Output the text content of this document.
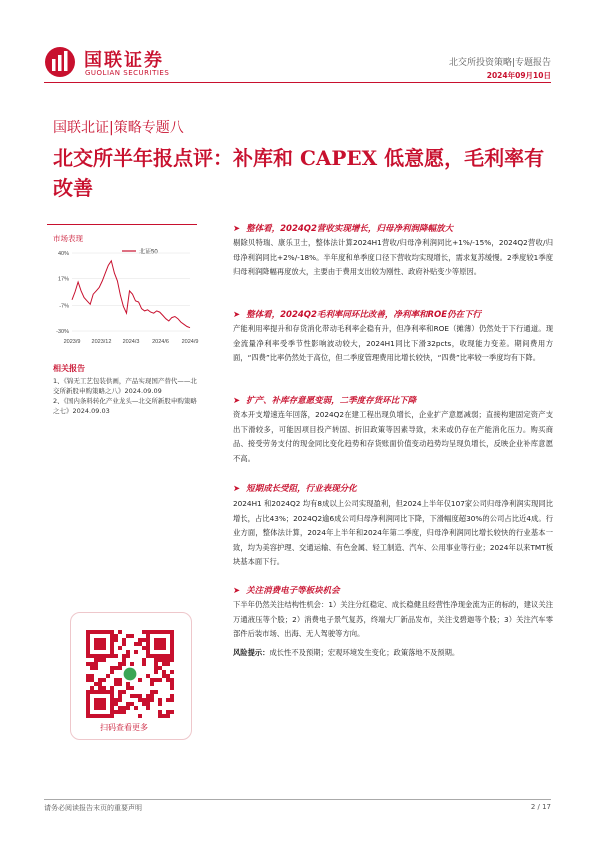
国联证券
GUOLIAN SECURITIES
北交所投资策略|专题报告
2024年09月10日
国联北证|策略专题八
北交所半年报点评：补库和 CAPEX 低意愿，毛利率有改善
市场表现
北证50
40%
17%
-7%
-30%
2023/9 2023/12 2024/3 2024/6 2024/9
相关报告
1、《锦无工艺包装供画，产品实现国产替代——北交所新股申购策略之八》2024.09.09
2、《国内条料转化产业龙头—北交所新股申购策略之七》2024.09.03
扫码查看更多
➤ 整体看，2024Q2营收实现增长，归母净利润降幅放大
剔除贝特瑞、康乐卫士，整体法计算2024H1营收/归母净利润同比+1%/-15%，2024Q2营收/归母净利润同比+2%/-18%。半年度和单季度口径下营收均实现增长，需求复苏缓慢。2季度较1季度归母利润降幅再度放大，主要由于费用支出较为刚性、政府补贴变少等原因。
➤ 整体看，2024Q2毛利率同环比改善，净利率和ROE仍在下行
产能利用率提升和存货消化带动毛利率企稳有升，但净利率和ROE（摊薄）仍然处于下行通道。现金流量净利率受季节性影响波动较大，2024H1同比下滑32pcts，收现能力变差。期间费用方面，“四费”比率仍然处于高位，但二季度管理费用比增长较快，“四费”比率较一季度均有下降。
➤ 扩产、补库存意愿变弱，二季度存货环比下降
资本开支增速连年回落，2024Q2在建工程出现负增长，企业扩产意愿减弱；直接构建固定资产支出下滑较多，可能因项目投产转固、折旧政策等因素导致，未来或仍存在产能消化压力。购买商品、接受劳务支付的现金同比变化趋势和存货账面价值变动趋势均呈现负增长，反映企业补库意愿不高。
➤ 短期成长受阻，行业表现分化
2024H1 和2024Q2 均有8成以上公司实现盈利，但2024上半年仅107家公司归母净利润实现同比增长，占比43%；2024Q2逾6成公司归母净利润同比下降，下滑幅度超30%的公司占比近4成。行业方面，整体法计算，2024年上半年和2024年第二季度，归母净利润同比增长较快的行业基本一致，均为美容护理、交通运输、有色金属、轻工制造、汽车、公用事业等行业；2024年以来TMT板块基本面下行。
➤ 关注消费电子等板块机会
下半年仍然关注结构性机会：1）关注分红稳定、成长稳健且经营性净现金流为正的标的，建议关注万通液压等个股；2）消费电子景气复苏，终端大厂新品发布，关注戈碧迦等个股；3）关注汽车零部件后装市场、出海、无人驾驶等方向。
风险提示：成长性不及预期；宏观环境发生变化；政策落地不及预期。
请务必阅读报告末页的重要声明	2 / 17
